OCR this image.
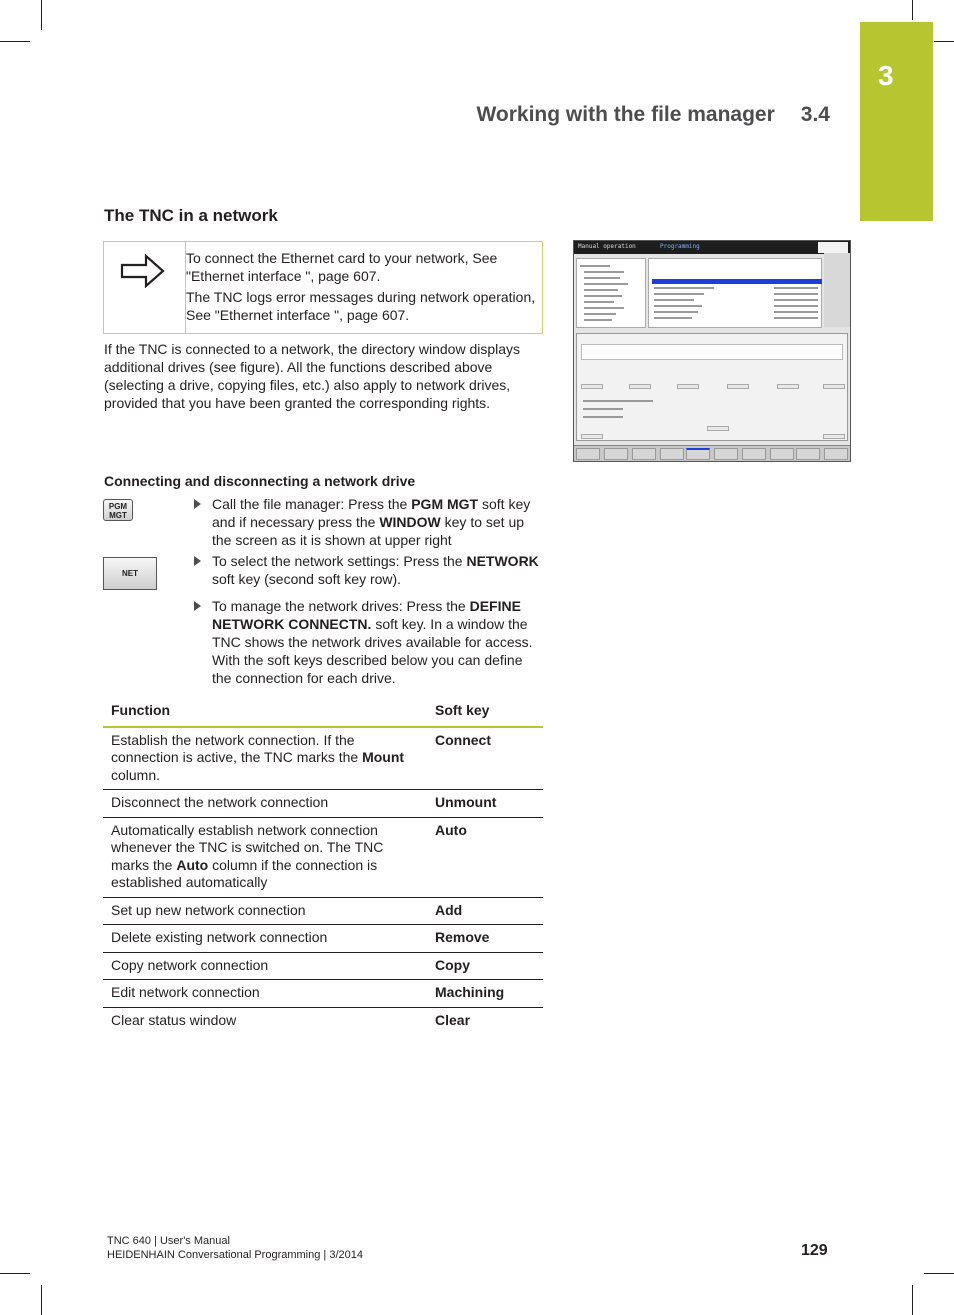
3
Working with the file manager 3.4
The TNC in a network

To connect the Ethernet card to your network, See "Ethernet interface ", page 607.

The TNC logs error messages during network operation, See "Ethernet interface ", page 607.

If the TNC is connected to a network, the directory window displays additional drives (see figure). All the functions described above (selecting a drive, copying files, etc.) also apply to network drives, provided that you have been granted the corresponding rights.
Manual operation	Programming
Connecting and disconnecting a network drive
PGM MGT
NET
Call the file manager: Press the PGM MGT soft key and if necessary press the WINDOW key to set up the screen as it is shown at upper right
To select the network settings: Press the NETWORK soft key (second soft key row).
To manage the network drives: Press the DEFINE NETWORK CONNECTN. soft key. In a window the TNC shows the network drives available for access. With the soft keys described below you can define the connection for each drive.
Function	Soft key
Establish the network connection. If the connection is active, the TNC marks the Mount column.	Connect
Disconnect the network connection	Unmount
Automatically establish network connection whenever the TNC is switched on. The TNC marks the Auto column if the connection is established automatically	Auto
Set up new network connection	Add
Delete existing network connection	Remove
Copy network connection	Copy
Edit network connection	Machining
Clear status window	Clear
TNC 640 | User's Manual
HEIDENHAIN Conversational Programming | 3/2014	129
